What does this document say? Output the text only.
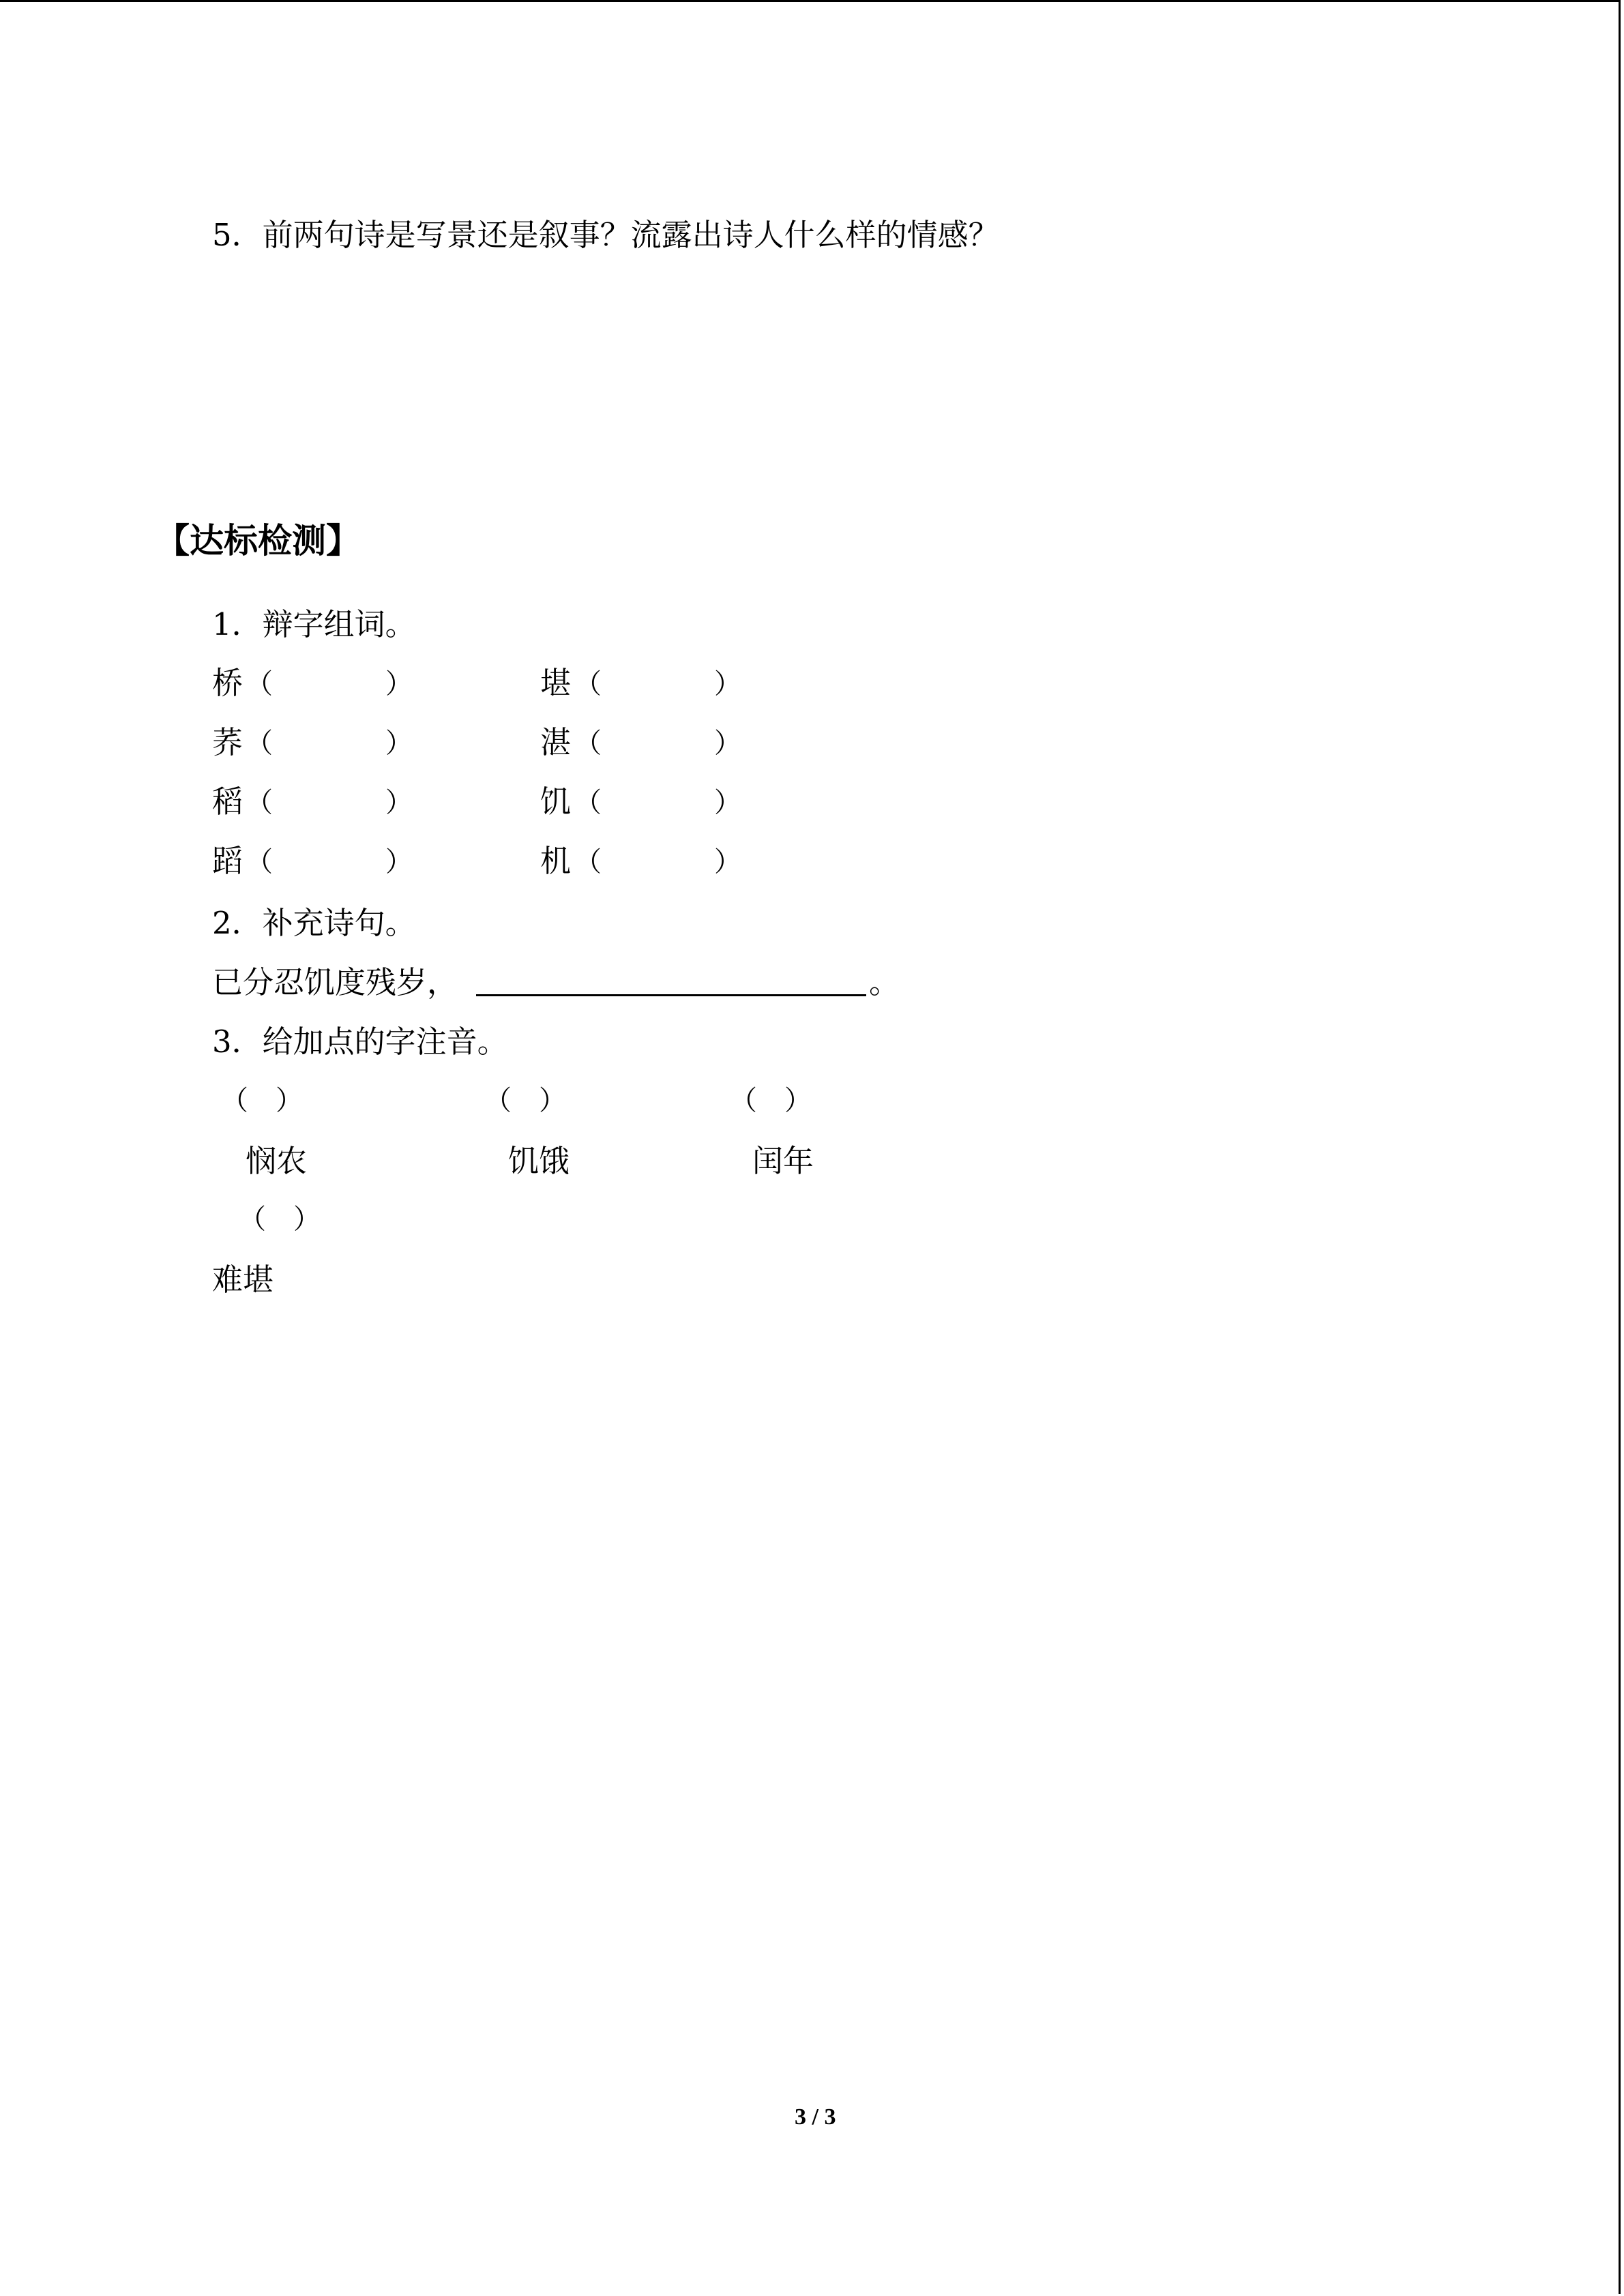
5．前两句诗是写景还是叙事？流露出诗人什么样的情感？
【达标检测】
1．辩字组词。
桥 （	）	堪 （	）
荞 （	）	湛 （	）
稻 （	）	饥 （	）
蹈 （	）	机 （	）
2．补充诗句。
已分忍饥度残岁，	。
3．给加点的字注音。
（　）	（　）	（　）
悯农	饥饿	闰年
（　）
难堪
3 / 3
